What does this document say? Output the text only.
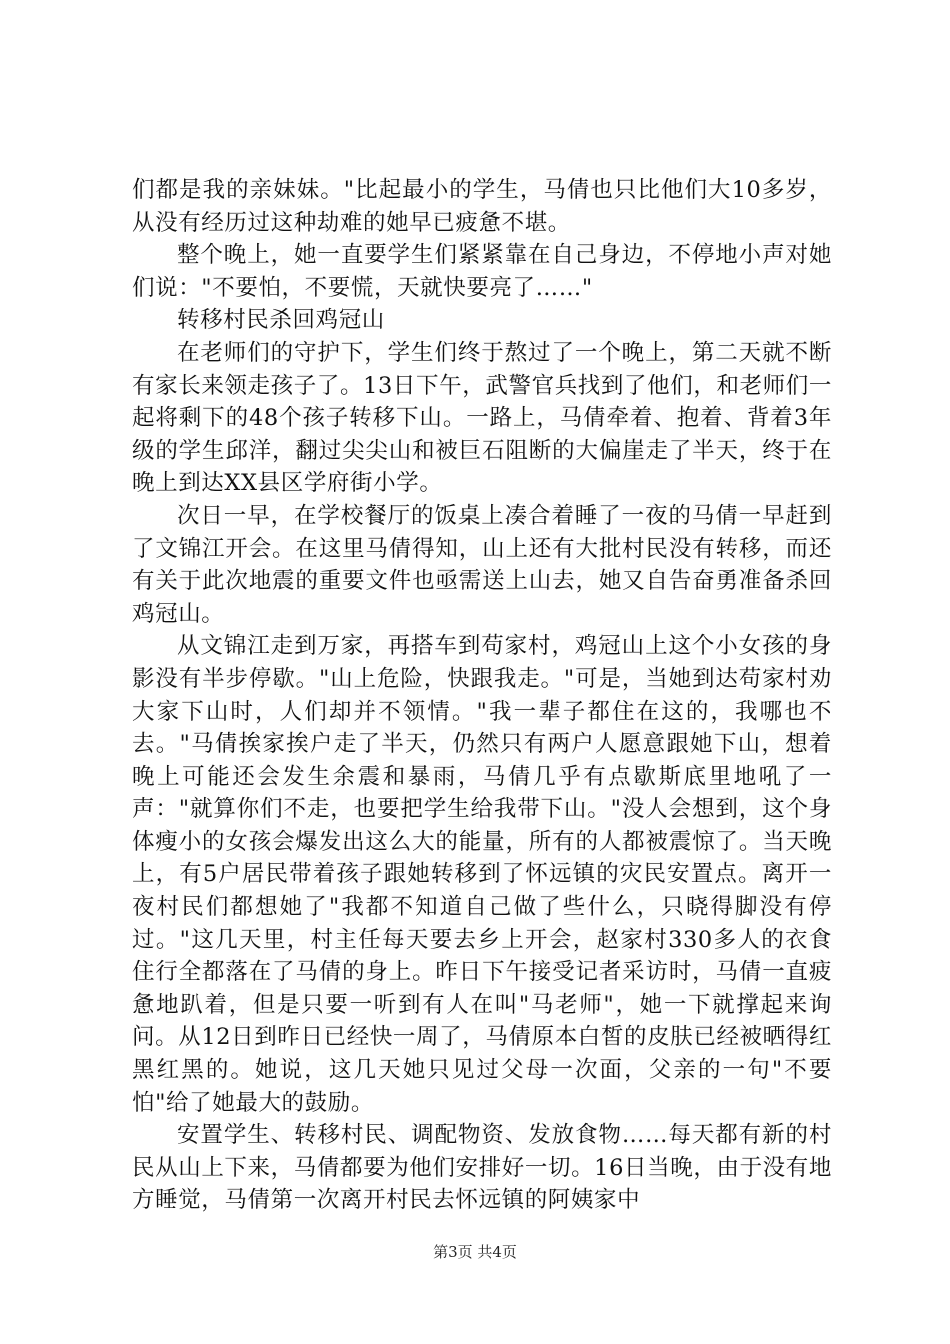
们都是我的亲妹妹。"比起最小的学生，马倩也只比他们大10多岁，从没有经历过这种劫难的她早已疲惫不堪。

整个晚上，她一直要学生们紧紧靠在自己身边，不停地小声对她们说："不要怕，不要慌，天就快要亮了……"

转移村民杀回鸡冠山

在老师们的守护下，学生们终于熬过了一个晚上，第二天就不断有家长来领走孩子了。13日下午，武警官兵找到了他们，和老师们一起将剩下的48个孩子转移下山。一路上，马倩牵着、抱着、背着3年级的学生邱洋，翻过尖尖山和被巨石阻断的大偏崖走了半天，终于在晚上到达XX县区学府街小学。

次日一早，在学校餐厅的饭桌上凑合着睡了一夜的马倩一早赶到了文锦江开会。在这里马倩得知，山上还有大批村民没有转移，而还有关于此次地震的重要文件也亟需送上山去，她又自告奋勇准备杀回鸡冠山。

从文锦江走到万家，再搭车到苟家村，鸡冠山上这个小女孩的身影没有半步停歇。"山上危险，快跟我走。"可是，当她到达苟家村劝大家下山时，人们却并不领情。"我一辈子都住在这的，我哪也不去。"马倩挨家挨户走了半天，仍然只有两户人愿意跟她下山，想着晚上可能还会发生余震和暴雨，马倩几乎有点歇斯底里地吼了一声："就算你们不走，也要把学生给我带下山。"没人会想到，这个身体瘦小的女孩会爆发出这么大的能量，所有的人都被震惊了。当天晚上，有5户居民带着孩子跟她转移到了怀远镇的灾民安置点。离开一夜村民们都想她了"我都不知道自己做了些什么，只晓得脚没有停过。"这几天里，村主任每天要去乡上开会，赵家村330多人的衣食住行全都落在了马倩的身上。昨日下午接受记者采访时，马倩一直疲惫地趴着，但是只要一听到有人在叫"马老师"，她一下就撑起来询问。从12日到昨日已经快一周了，马倩原本白皙的皮肤已经被晒得红黑红黑的。她说，这几天她只见过父母一次面，父亲的一句"不要怕"给了她最大的鼓励。

安置学生、转移村民、调配物资、发放食物……每天都有新的村民从山上下来，马倩都要为他们安排好一切。16日当晚，由于没有地方睡觉，马倩第一次离开村民去怀远镇的阿姨家中

第3页 共4页
